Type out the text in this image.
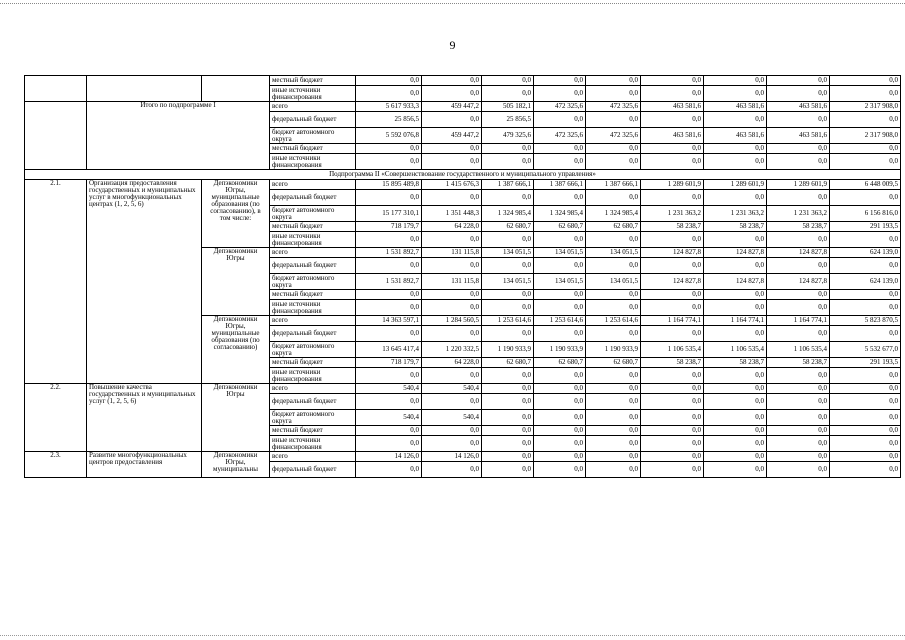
9
			местный бюджет	0,0	0,0	0,0	0,0	0,0	0,0	0,0	0,0	0,0
			иные источники финансирования	0,0	0,0	0,0	0,0	0,0	0,0	0,0	0,0	0,0
	Итого по подпрограмме I		всего	5 617 933,3	459 447,2	505 182,1	472 325,6	472 325,6	463 581,6	463 581,6	463 581,6	2 317 908,0
			федеральный бюджет	25 856,5	0,0	25 856,5	0,0	0,0	0,0	0,0	0,0	0,0
			бюджет автономного округа	5 592 076,8	459 447,2	479 325,6	472 325,6	472 325,6	463 581,6	463 581,6	463 581,6	2 317 908,0
			местный бюджет	0,0	0,0	0,0	0,0	0,0	0,0	0,0	0,0	0,0
			иные источники финансирования	0,0	0,0	0,0	0,0	0,0	0,0	0,0	0,0	0,0
Подпрограмма II «Совершенствование государственного и муниципального управления»												
2.1.	Организация предоставления государственных и муниципальных услуг в многофункциональных центрах (1, 2, 5, 6)	Депэкономики Югры, муниципальные образования (по согласованию), в том числе:	всего	15 895 489,8	1 415 676,3	1 387 666,1	1 387 666,1	1 387 666,1	1 289 601,9	1 289 601,9	1 289 601,9	6 448 009,5
			федеральный бюджет	0,0	0,0	0,0	0,0	0,0	0,0	0,0	0,0	0,0
			бюджет автономного округа	15 177 310,1	1 351 448,3	1 324 985,4	1 324 985,4	1 324 985,4	1 231 363,2	1 231 363,2	1 231 363,2	6 156 816,0
			местный бюджет	718 179,7	64 228,0	62 680,7	62 680,7	62 680,7	58 238,7	58 238,7	58 238,7	291 193,5
			иные источники финансирования	0,0	0,0	0,0	0,0	0,0	0,0	0,0	0,0	0,0
		Депэкономики Югры	всего	1 531 892,7	131 115,8	134 051,5	134 051,5	134 051,5	124 827,8	124 827,8	124 827,8	624 139,0
			федеральный бюджет	0,0	0,0	0,0	0,0	0,0	0,0	0,0	0,0	0,0
			бюджет автономного округа	1 531 892,7	131 115,8	134 051,5	134 051,5	134 051,5	124 827,8	124 827,8	124 827,8	624 139,0
			местный бюджет	0,0	0,0	0,0	0,0	0,0	0,0	0,0	0,0	0,0
			иные источники финансирования	0,0	0,0	0,0	0,0	0,0	0,0	0,0	0,0	0,0
		Депэкономики Югры, муниципальные образования (по согласованию)	всего	14 363 597,1	1 284 560,5	1 253 614,6	1 253 614,6	1 253 614,6	1 164 774,1	1 164 774,1	1 164 774,1	5 823 870,5
			федеральный бюджет	0,0	0,0	0,0	0,0	0,0	0,0	0,0	0,0	0,0
			бюджет автономного округа	13 645 417,4	1 220 332,5	1 190 933,9	1 190 933,9	1 190 933,9	1 106 535,4	1 106 535,4	1 106 535,4	5 532 677,0
			местный бюджет	718 179,7	64 228,0	62 680,7	62 680,7	62 680,7	58 238,7	58 238,7	58 238,7	291 193,5
			иные источники финансирования	0,0	0,0	0,0	0,0	0,0	0,0	0,0	0,0	0,0
2.2.	Повышение качества государственных и муниципальных услуг (1, 2, 5, 6)	Депэкономики Югры	всего	540,4	540,4	0,0	0,0	0,0	0,0	0,0	0,0	0,0
			федеральный бюджет	0,0	0,0	0,0	0,0	0,0	0,0	0,0	0,0	0,0
			бюджет автономного округа	540,4	540,4	0,0	0,0	0,0	0,0	0,0	0,0	0,0
			местный бюджет	0,0	0,0	0,0	0,0	0,0	0,0	0,0	0,0	0,0
			иные источники финансирования	0,0	0,0	0,0	0,0	0,0	0,0	0,0	0,0	0,0
2.3.	Развитие многофункциональных центров предоставления	Депэкономики Югры, муниципальны	всего	14 126,0	14 126,0	0,0	0,0	0,0	0,0	0,0	0,0	0,0
			федеральный бюджет	0,0	0,0	0,0	0,0	0,0	0,0	0,0	0,0	0,0
